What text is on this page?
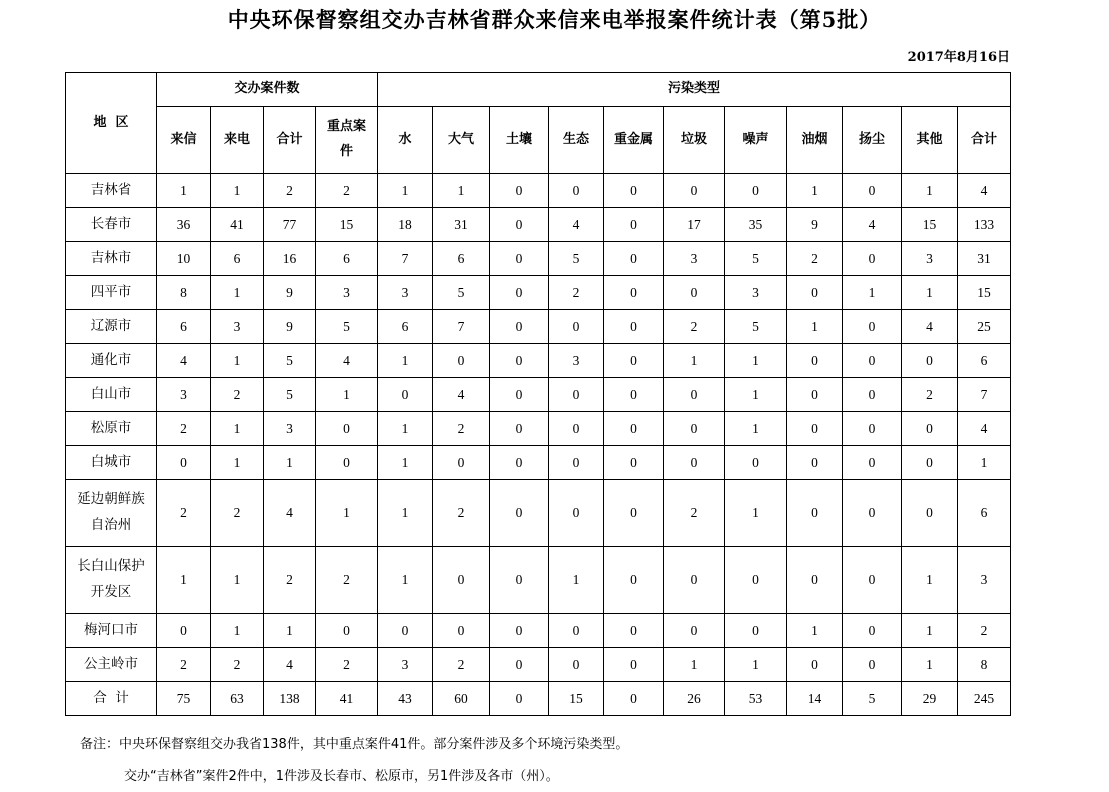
中央环保督察组交办吉林省群众来信来电举报案件统计表（第5批）
2017年8月16日
地  区	交办案件数				污染类型										
	来信	来电	合计	重点案件	水	大气	土壤	生态	重金属	垃圾	噪声	油烟	扬尘	其他	合计
吉林省	1	1	2	2	1	1	0	0	0	0	0	1	0	1	4
长春市	36	41	77	15	18	31	0	4	0	17	35	9	4	15	133
吉林市	10	6	16	6	7	6	0	5	0	3	5	2	0	3	31
四平市	8	1	9	3	3	5	0	2	0	0	3	0	1	1	15
辽源市	6	3	9	5	6	7	0	0	0	2	5	1	0	4	25
通化市	4	1	5	4	1	0	0	3	0	1	1	0	0	0	6
白山市	3	2	5	1	0	4	0	0	0	0	1	0	0	2	7
松原市	2	1	3	0	1	2	0	0	0	0	1	0	0	0	4
白城市	0	1	1	0	1	0	0	0	0	0	0	0	0	0	1
延边朝鲜族自治州	2	2	4	1	1	2	0	0	0	2	1	0	0	0	6
长白山保护开发区	1	1	2	2	1	0	0	1	0	0	0	0	0	1	3
梅河口市	0	1	1	0	0	0	0	0	0	0	0	1	0	1	2
公主岭市	2	2	4	2	3	2	0	0	0	1	1	0	0	1	8
合  计	75	63	138	41	43	60	0	15	0	26	53	14	5	29	245
备注：中央环保督察组交办我省138件，其中重点案件41件。部分案件涉及多个环境污染类型。
交办“吉林省”案件2件中，1件涉及长春市、松原市，另1件涉及各市（州）。
